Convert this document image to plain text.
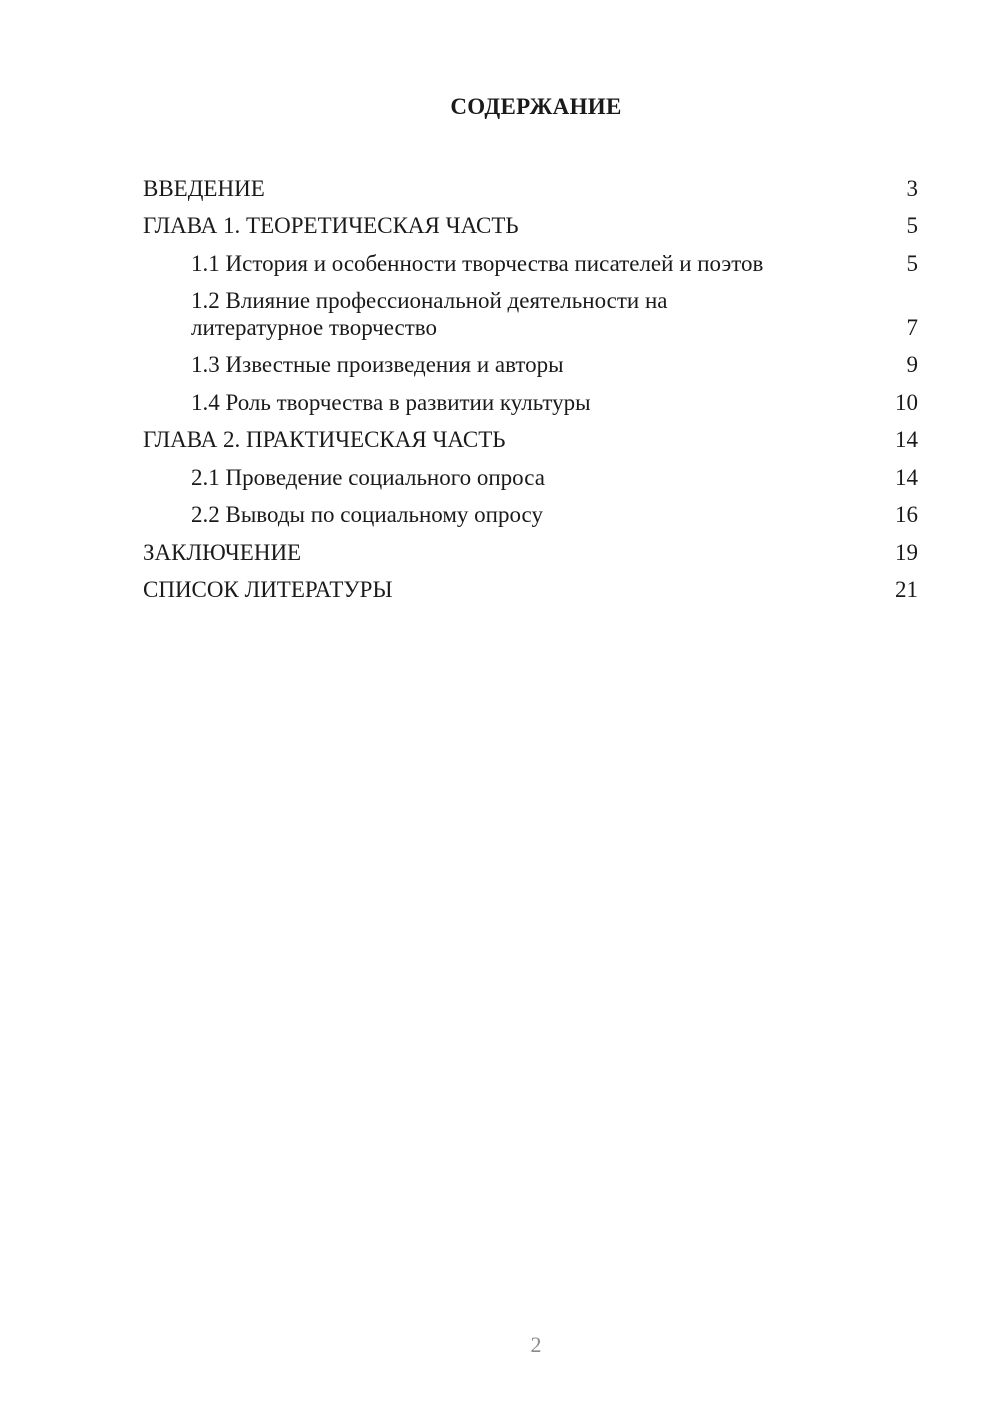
СОДЕРЖАНИЕ
ВВЕДЕНИЕ	3
ГЛАВА 1. ТЕОРЕТИЧЕСКАЯ ЧАСТЬ	5
1.1 История и особенности творчества писателей и поэтов	5
1.2 Влияние профессиональной деятельности на
литературное творчество	7
1.3 Известные произведения и авторы	9
1.4 Роль творчества в развитии культуры	10
ГЛАВА 2. ПРАКТИЧЕСКАЯ ЧАСТЬ	14
2.1 Проведение социального опроса	14
2.2 Выводы по социальному опросу	16
ЗАКЛЮЧЕНИЕ	19
СПИСОК ЛИТЕРАТУРЫ	21
2
